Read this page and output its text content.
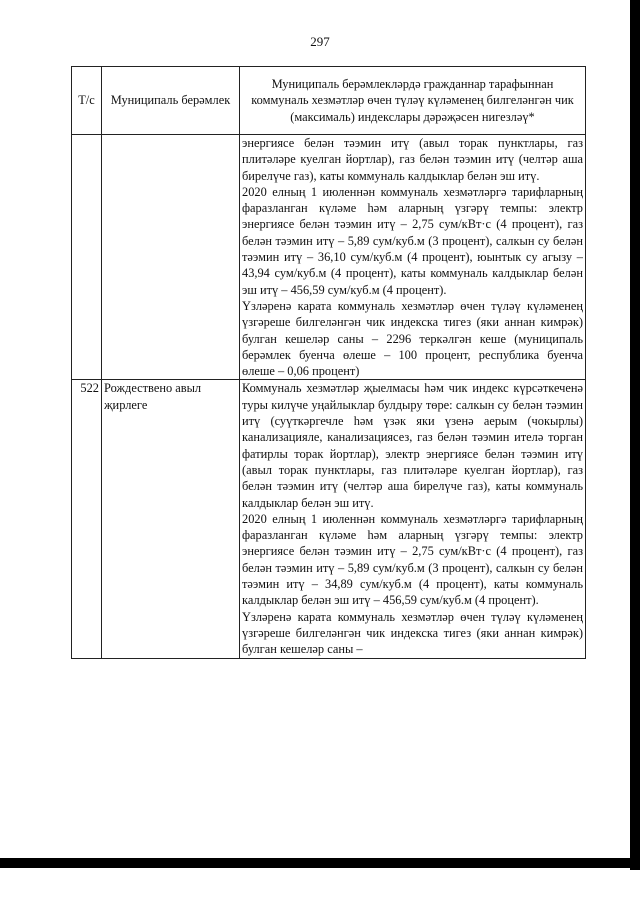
297
Т/с	Муниципаль берәмлек	Муниципаль берәмлекләрдә гражданнар тарафыннан коммуналь хезмәтләр өчен түләү күләменең билгеләнгән чик (максималь) индекслары дәрәҗәсен нигезләү*

		энергиясе белән тәэмин итү (авыл торак пунктлары, газ плитәләре куелган йортлар), газ белән тәэмин итү (челтәр аша бирелүче газ), каты коммуналь калдыклар белән эш итү.

2020 елның 1 июленнән коммуналь хезмәтләргә тарифларның фаразланган күләме һәм аларның үзгәрү темпы: электр энергиясе белән тәэмин итү – 2,75 сум/кВт·с (4 процент), газ белән тәэмин итү – 5,89 сум/куб.м (3 процент), салкын су белән тәэмин итү – 36,10 сум/куб.м (4 процент), юынтык су агызу – 43,94 сум/куб.м (4 процент), каты коммуналь калдыклар белән эш итү – 456,59 сум/куб.м (4 процент).

Үзләренә карата коммуналь хезмәтләр өчен түләү күләменең үзгәреше билгеләнгән чик индекска тигез (яки аннан кимрәк) булган кешеләр саны – 2296 теркәлгән кеше (муниципаль берәмлек буенча өлеше – 100 процент, республика буенча өлеше – 0,06 процент)

522	Рождествено авыл җирлеге	Коммуналь хезмәтләр җыелмасы һәм чик индекс күрсәткеченә туры килүче уңайлыклар булдыру төре: салкын су белән тәэмин итү (суүткәргечле һәм үзәк яки үзенә аерым (чокырлы) канализацияле, канализациясез, газ белән тәэмин ителә торган фатирлы торак йортлар), электр энергиясе белән тәэмин итү (авыл торак пунктлары, газ плитәләре куелган йортлар), газ белән тәэмин итү (челтәр аша бирелүче газ), каты коммуналь калдыклар белән эш итү.

2020 елның 1 июленнән коммуналь хезмәтләргә тарифларның фаразланган күләме һәм аларның үзгәрү темпы: электр энергиясе белән тәэмин итү – 2,75 сум/кВт·с (4 процент), газ белән тәэмин итү – 5,89 сум/куб.м (3 процент), салкын су белән тәэмин итү – 34,89 сум/куб.м (4 процент), каты коммуналь калдыклар белән эш итү – 456,59 сум/куб.м (4 процент).

Үзләренә карата коммуналь хезмәтләр өчен түләү күләменең үзгәреше билгеләнгән чик индекска тигез (яки аннан кимрәк) булган кешеләр саны –
